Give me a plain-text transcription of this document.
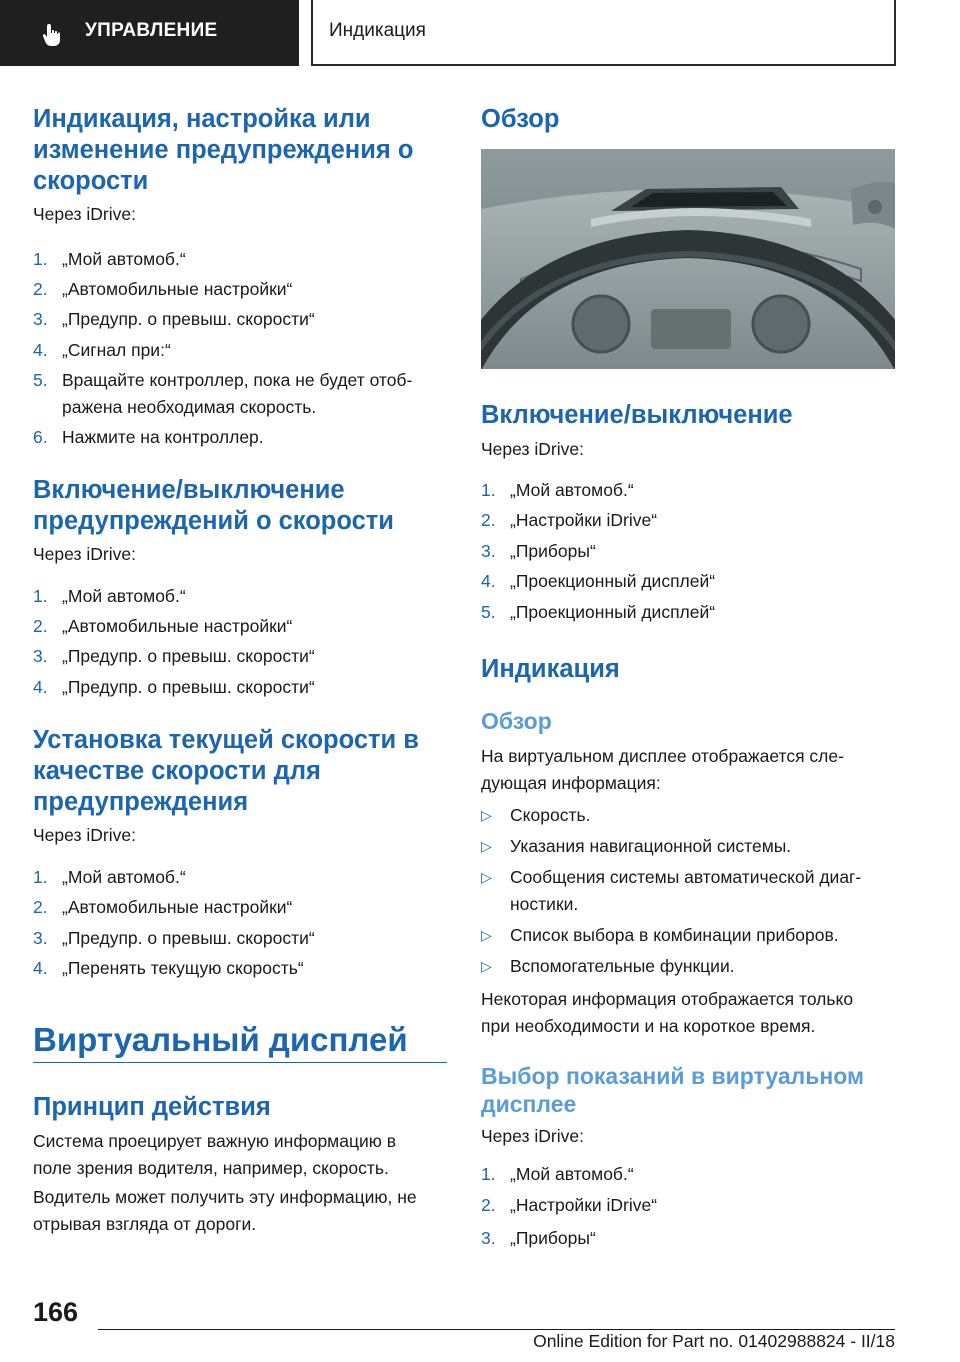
УПРАВЛЕНИЕ	Индикация
Индикация, настройка или
изменение предупреждения о
скорости
Через iDrive:
1. „Мой автомоб.“
2. „Автомобильные настройки“
3. „Предупр. о превыш. скорости“
4. „Сигнал при:“
5. Вращайте контроллер, пока не будет отоб-
ражена необходимая скорость.
6. Нажмите на контроллер.
Включение/выключение
предупреждений о скорости
Через iDrive:
1. „Мой автомоб.“
2. „Автомобильные настройки“
3. „Предупр. о превыш. скорости“
4. „Предупр. о превыш. скорости“
Установка текущей скорости в
качестве скорости для
предупреждения
Через iDrive:
1. „Мой автомоб.“
2. „Автомобильные настройки“
3. „Предупр. о превыш. скорости“
4. „Перенять текущую скорость“
Виртуальный дисплей
Принцип действия
Система проецирует важную информацию в
поле зрения водителя, например, скорость.
Водитель может получить эту информацию, не
отрывая взгляда от дороги.
Обзор
Включение/выключение
Через iDrive:
1. „Мой автомоб.“
2. „Настройки iDrive“
3. „Приборы“
4. „Проекционный дисплей“
5. „Проекционный дисплей“
Индикация
Обзор
На виртуальном дисплее отображается сле-
дующая информация:
▷ Скорость.
▷ Указания навигационной системы.
▷ Сообщения системы автоматической диаг-
ностики.
▷ Список выбора в комбинации приборов.
▷ Вспомогательные функции.
Некоторая информация отображается только
при необходимости и на короткое время.
Выбор показаний в виртуальном
дисплее
Через iDrive:
1. „Мой автомоб.“
2. „Настройки iDrive“
3. „Приборы“
166
Online Edition for Part no. 01402988824 - II/18
